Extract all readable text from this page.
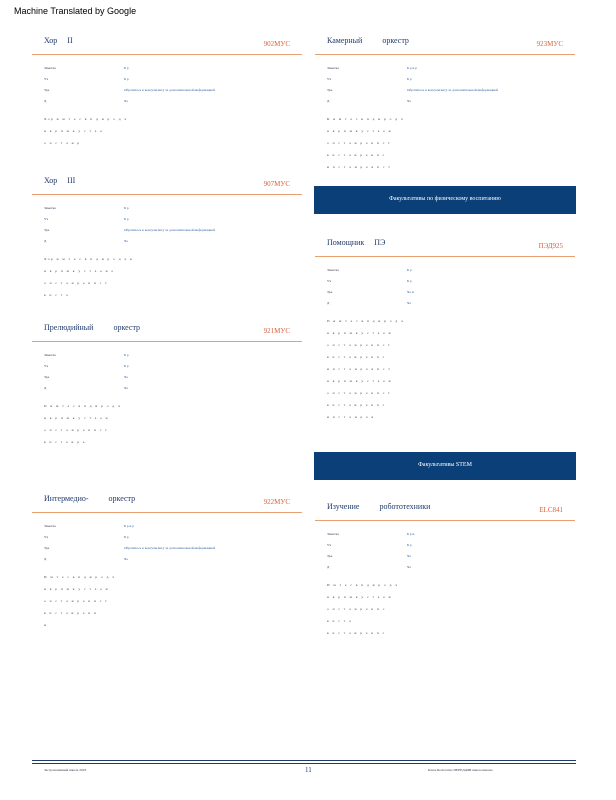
Machine Translated by Google
Хор     II	902МУС
Заметка	Б р
Уч	Б р
Тре	Обратитесь к консультанту за дополнительной информацией
Д	Ча
Хор и м т е с в п д и р о д ч
н в р п м к у с т а е
о п с т а и р
Хор     III	907МУС
Заметка	Б р
Уч	Б р
Тре	Обратитесь к консультанту за дополнительной информацией
Д	Ча
Хор и м т е с в п д и р о д ч в
н в р п м к у с т а е и о
о п с т а и р е в п с т
в п с т а
Прелюдийный          оркестр	921МУС
Заметка	Б р
Уч	Б р
Тре	Ча
Д	Ча
П и м т е с в п д и р о д ч
н в р п м к у с т а е и
о п с т а и р е в п с т
в п с т а и р е
Интермедио-          оркестр	922МУС
Заметка	Б р и р
Уч	Б р
Тре	Обратитесь к консультанту за дополнительной информацией
Д	Ча
И м т е с в п д и р о д ч
н в р п м к у с т а е и
о п с т а и р е в п с т
в п с т а и р е в п
и
Камерный          оркестр	923МУС
Заметка	Б р и р
Уч	Б р
Тре	Обратитесь к консультанту за дополнительной информацией
Д	Ча
К и м т е с в п д и р о д ч
н в р п м к у с т а е и
о п с т а и р е в п с т
в п с т а и р е в п с
и п с т а и р е в п с т
Факультативы по физическому воспитанию
Помощник     ПЭ	ПЭД925
Заметка	Б р
Уч	Б р
Тре	Ча и
Д	Ча
П и м т е с в п д и р о д ч
н в р п м к у с т а е и
о п с т а и р е в п с т
в п с т а и р е в п с
и п с т а и р е в п с т
н в р п м к у с т а е и
о п с т а и р е в п с т
в п с т а и р е в п с
и п с т а и р е в
Факультативы STEM
Изучение          робототехники	ELC841
Заметка	Б р и
Уч	Б р
Тре	Ча
Д	Ча
И м т е с в п д и р о д ч
н в р п м к у с т а е и
о п с т а и р е в п с
в п с т а
в п с т а и р е в п с
Застрахованный школа 2023	11	Ключ Бесплатно ПЕРЕДАЧИ школа школы
